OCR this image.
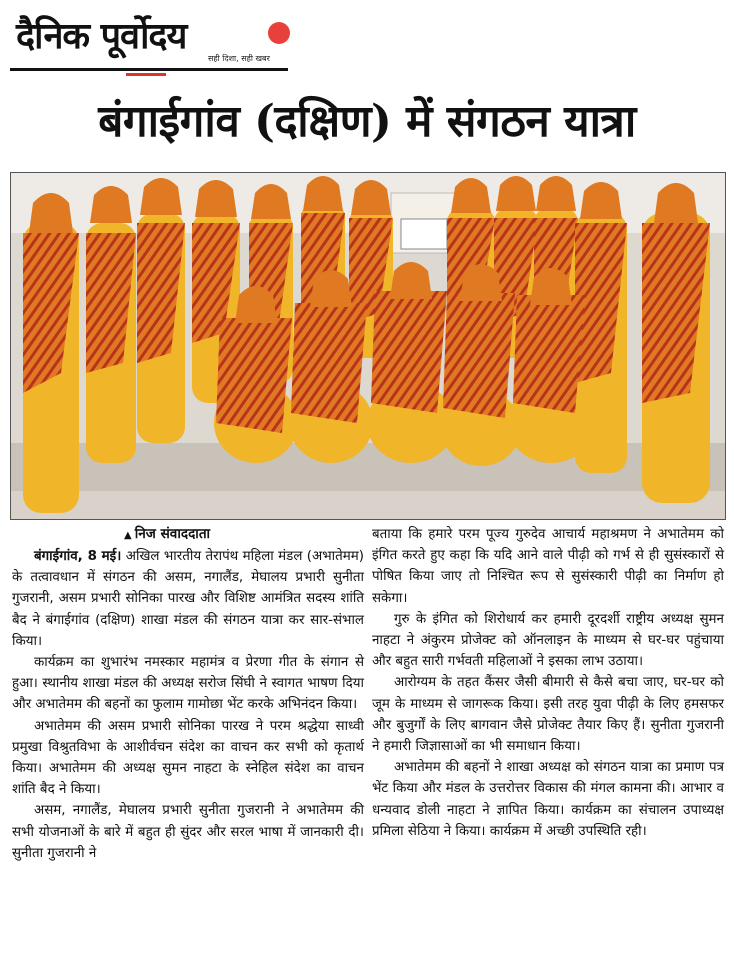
दैनिक पूर्वोदय
सही दिशा, सही खबर
बंगाईगांव (दक्षिण) में संगठन यात्रा
▲ निज संवाददाता

बंगाईगांव, 8 मई। अखिल भारतीय तेरापंथ महिला मंडल (अभातेमम) के तत्वावधान में संगठन की असम, नगालैंड, मेघालय प्रभारी सुनीता गुजरानी, असम प्रभारी सोनिका पारख और विशिष्ट आमंत्रित सदस्य शांति बैद ने बंगाईगांव (दक्षिण) शाखा मंडल की संगठन यात्रा कर सार-संभाल किया।

कार्यक्रम का शुभारंभ नमस्कार महामंत्र व प्रेरणा गीत के संगान से हुआ। स्थानीय शाखा मंडल की अध्यक्ष सरोज सिंघी ने स्वागत भाषण दिया और अभातेमम की बहनों का फुलाम गामोछा भेंट करके अभिनंदन किया।

अभातेमम की असम प्रभारी सोनिका पारख ने परम श्रद्धेया साध्वी प्रमुखा विश्रुतविभा के आशीर्वचन संदेश का वाचन कर सभी को कृतार्थ किया। अभातेमम की अध्यक्ष सुमन नाहटा के स्नेहिल संदेश का वाचन शांति बैद ने किया।

असम, नगालैंड, मेघालय प्रभारी सुनीता गुजरानी ने अभातेमम की सभी योजनाओं के बारे में बहुत ही सुंदर और सरल भाषा में जानकारी दी। सुनीता गुजरानी ने

बताया कि हमारे परम पूज्य गुरुदेव आचार्य महाश्रमण ने अभातेमम को इंगित करते हुए कहा कि यदि आने वाले पीढ़ी को गर्भ से ही सुसंस्कारों से पोषित किया जाए तो निश्चित रूप से सुसंस्कारी पीढ़ी का निर्माण हो सकेगा।

गुरु के इंगित को शिरोधार्य कर हमारी दूरदर्शी राष्ट्रीय अध्यक्ष सुमन नाहटा ने अंकुरम प्रोजेक्ट को ऑनलाइन के माध्यम से घर-घर पहुंचाया और बहुत सारी गर्भवती महिलाओं ने इसका लाभ उठाया।

आरोग्यम के तहत कैंसर जैसी बीमारी से कैसे बचा जाए, घर-घर को जूम के माध्यम से जागरूक किया। इसी तरह युवा पीढ़ी के लिए हमसफर और बुजुर्गों के लिए बागवान जैसे प्रोजेक्ट तैयार किए हैं। सुनीता गुजरानी ने हमारी जिज्ञासाओं का भी समाधान किया।

अभातेमम की बहनों ने शाखा अध्यक्ष को संगठन यात्रा का प्रमाण पत्र भेंट किया और मंडल के उत्तरोत्तर विकास की मंगल कामना की। आभार व धन्यवाद डोली नाहटा ने ज्ञापित किया। कार्यक्रम का संचालन उपाध्यक्ष प्रमिला सेठिया ने किया। कार्यक्रम में अच्छी उपस्थिति रही।
